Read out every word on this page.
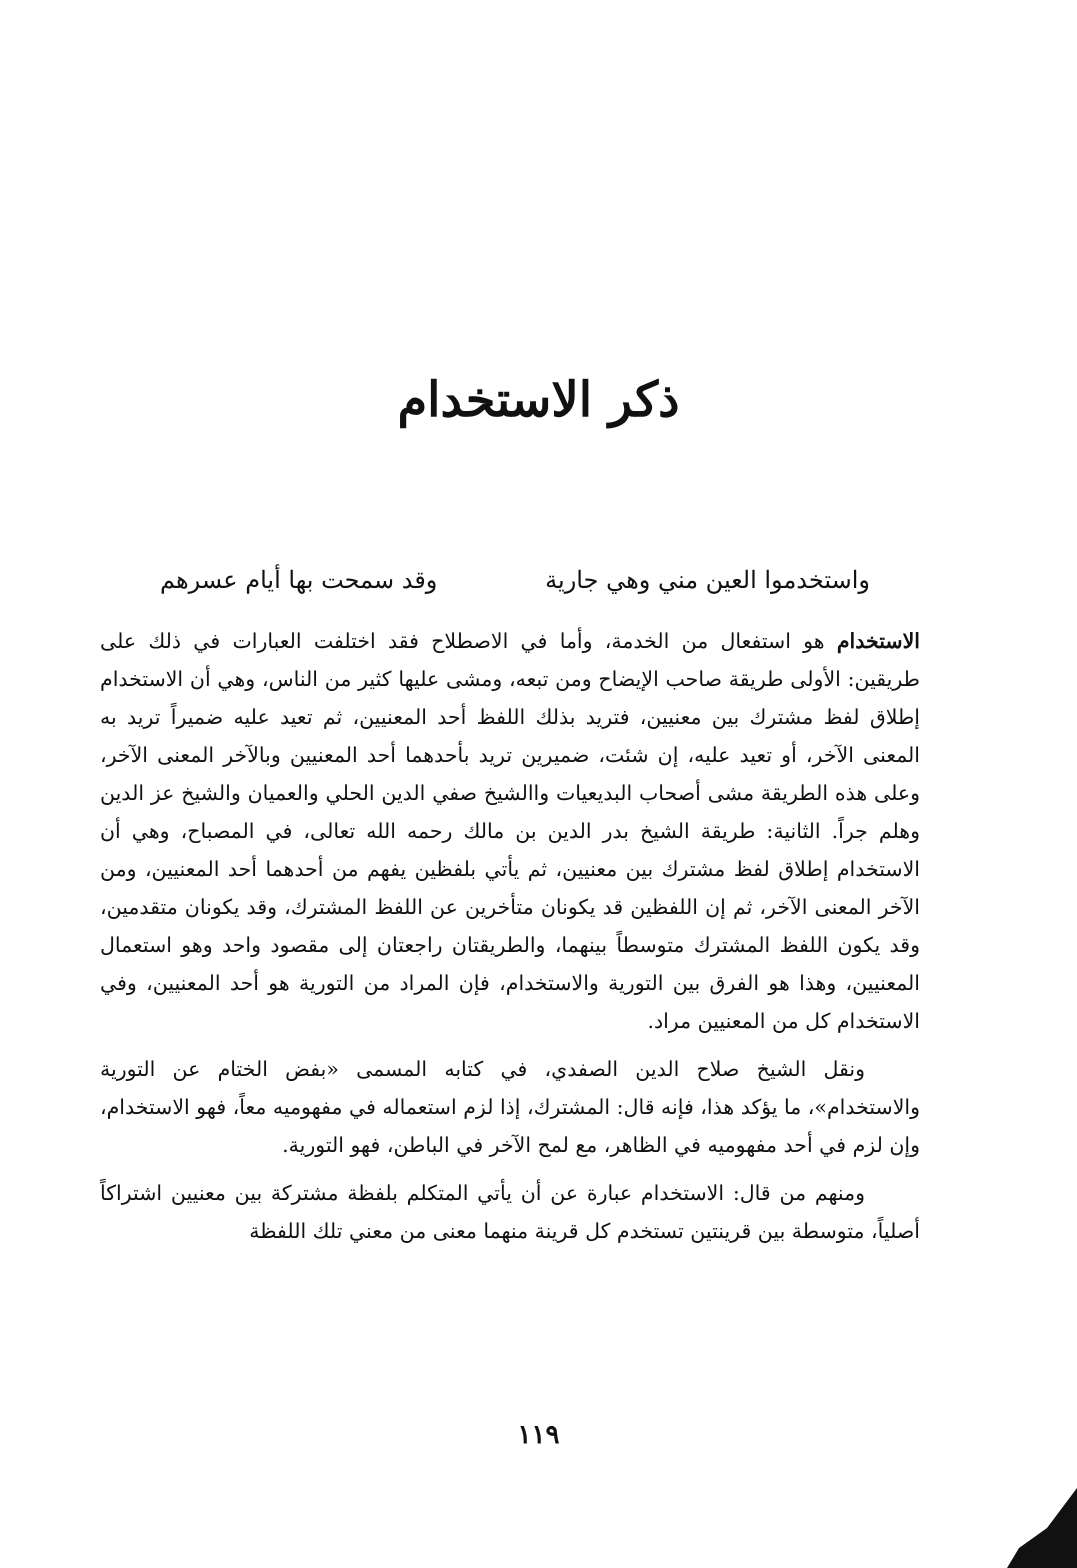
ذكر الاستخدام
وقد سمحت بها أيام عسرهم	واستخدموا العين مني وهي جارية

الاستخدام هو استفعال من الخدمة، وأما في الاصطلاح فقد اختلفت العبارات في ذلك على طريقين: الأولى طريقة صاحب الإيضاح ومن تبعه، ومشى عليها كثير من الناس، وهي أن الاستخدام إطلاق لفظ مشترك بين معنيين، فتريد بذلك اللفظ أحد المعنيين، ثم تعيد عليه ضميراً تريد به المعنى الآخر، أو تعيد عليه، إن شئت، ضميرين تريد بأحدهما أحد المعنيين وبالآخر المعنى الآخر، وعلى هذه الطريقة مشى أصحاب البديعيات واالشيخ صفي الدين الحلي والعميان والشيخ عز الدين وهلم جراً. الثانية: طريقة الشيخ بدر الدين بن مالك رحمه الله تعالى، في المصباح، وهي أن الاستخدام إطلاق لفظ مشترك بين معنيين، ثم يأتي بلفظين يفهم من أحدهما أحد المعنيين، ومن الآخر المعنى الآخر، ثم إن اللفظين قد يكونان متأخرين عن اللفظ المشترك، وقد يكونان متقدمين، وقد يكون اللفظ المشترك متوسطاً بينهما، والطريقتان راجعتان إلى مقصود واحد وهو استعمال المعنيين، وهذا هو الفرق بين التورية والاستخدام، فإن المراد من التورية هو أحد المعنيين، وفي الاستخدام كل من المعنيين مراد.

ونقل الشيخ صلاح الدين الصفدي، في كتابه المسمى «بفض الختام عن التورية والاستخدام»، ما يؤكد هذا، فإنه قال: المشترك، إذا لزم استعماله في مفهوميه معاً، فهو الاستخدام، وإن لزم في أحد مفهوميه في الظاهر، مع لمح الآخر في الباطن، فهو التورية.

ومنهم من قال: الاستخدام عبارة عن أن يأتي المتكلم بلفظة مشتركة بين معنيين اشتراكاً أصلياً، متوسطة بين قرينتين تستخدم كل قرينة منهما معنى من معني تلك اللفظة

١١٩
